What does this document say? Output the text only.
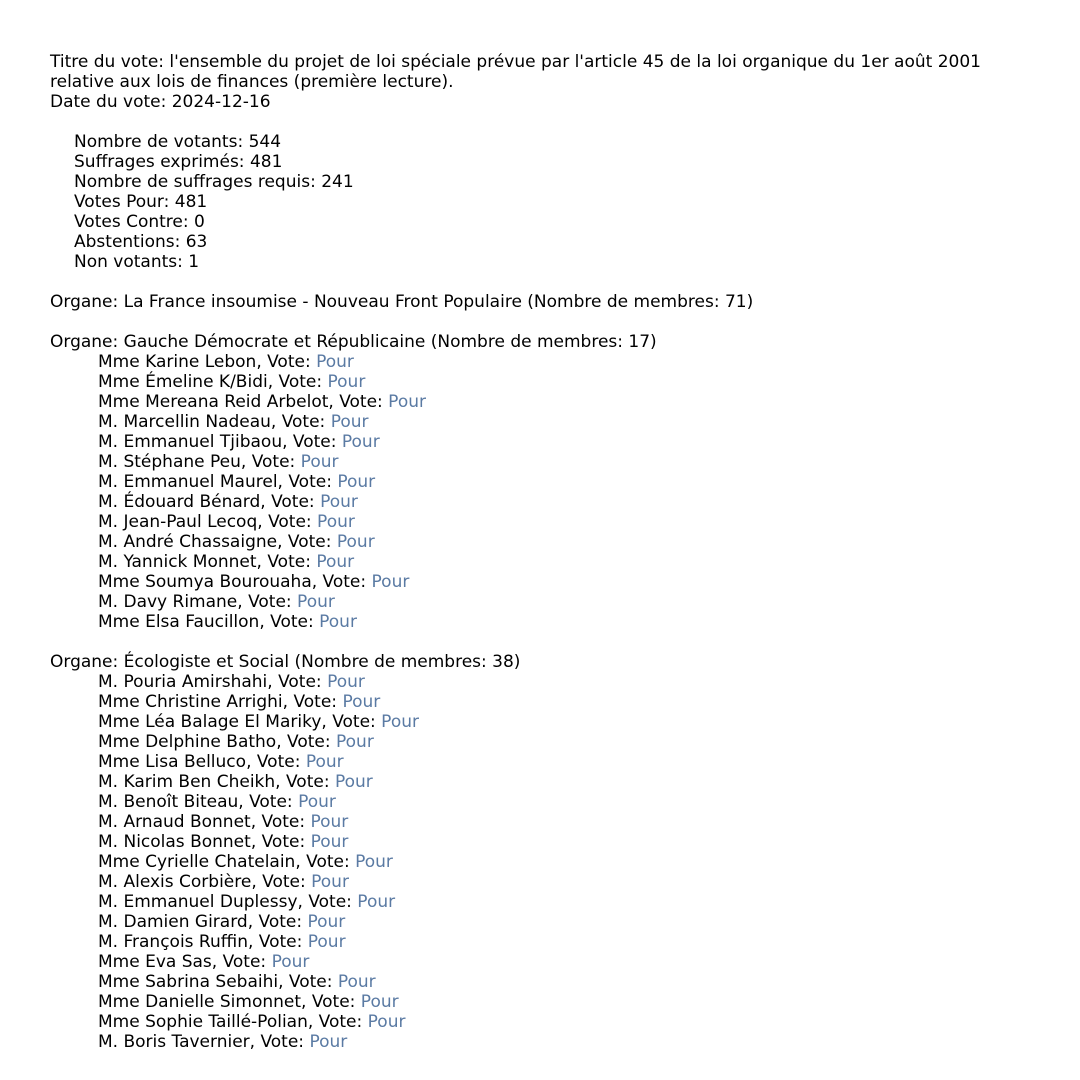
Titre du vote: l'ensemble du projet de loi spéciale prévue par l'article 45 de la loi organique du 1er août 2001
relative aux lois de finances (première lecture).
Date du vote: 2024-12-16
Nombre de votants: 544
Suffrages exprimés: 481
Nombre de suffrages requis: 241
Votes Pour: 481
Votes Contre: 0
Abstentions: 63
Non votants: 1
Organe: La France insoumise - Nouveau Front Populaire (Nombre de membres: 71)
Organe: Gauche Démocrate et Républicaine (Nombre de membres: 17)
Mme Karine Lebon, Vote: Pour
Mme Émeline K/Bidi, Vote: Pour
Mme Mereana Reid Arbelot, Vote: Pour
M. Marcellin Nadeau, Vote: Pour
M. Emmanuel Tjibaou, Vote: Pour
M. Stéphane Peu, Vote: Pour
M. Emmanuel Maurel, Vote: Pour
M. Édouard Bénard, Vote: Pour
M. Jean-Paul Lecoq, Vote: Pour
M. André Chassaigne, Vote: Pour
M. Yannick Monnet, Vote: Pour
Mme Soumya Bourouaha, Vote: Pour
M. Davy Rimane, Vote: Pour
Mme Elsa Faucillon, Vote: Pour
Organe: Écologiste et Social (Nombre de membres: 38)
M. Pouria Amirshahi, Vote: Pour
Mme Christine Arrighi, Vote: Pour
Mme Léa Balage El Mariky, Vote: Pour
Mme Delphine Batho, Vote: Pour
Mme Lisa Belluco, Vote: Pour
M. Karim Ben Cheikh, Vote: Pour
M. Benoît Biteau, Vote: Pour
M. Arnaud Bonnet, Vote: Pour
M. Nicolas Bonnet, Vote: Pour
Mme Cyrielle Chatelain, Vote: Pour
M. Alexis Corbière, Vote: Pour
M. Emmanuel Duplessy, Vote: Pour
M. Damien Girard, Vote: Pour
M. François Ruffin, Vote: Pour
Mme Eva Sas, Vote: Pour
Mme Sabrina Sebaihi, Vote: Pour
Mme Danielle Simonnet, Vote: Pour
Mme Sophie Taillé-Polian, Vote: Pour
M. Boris Tavernier, Vote: Pour
